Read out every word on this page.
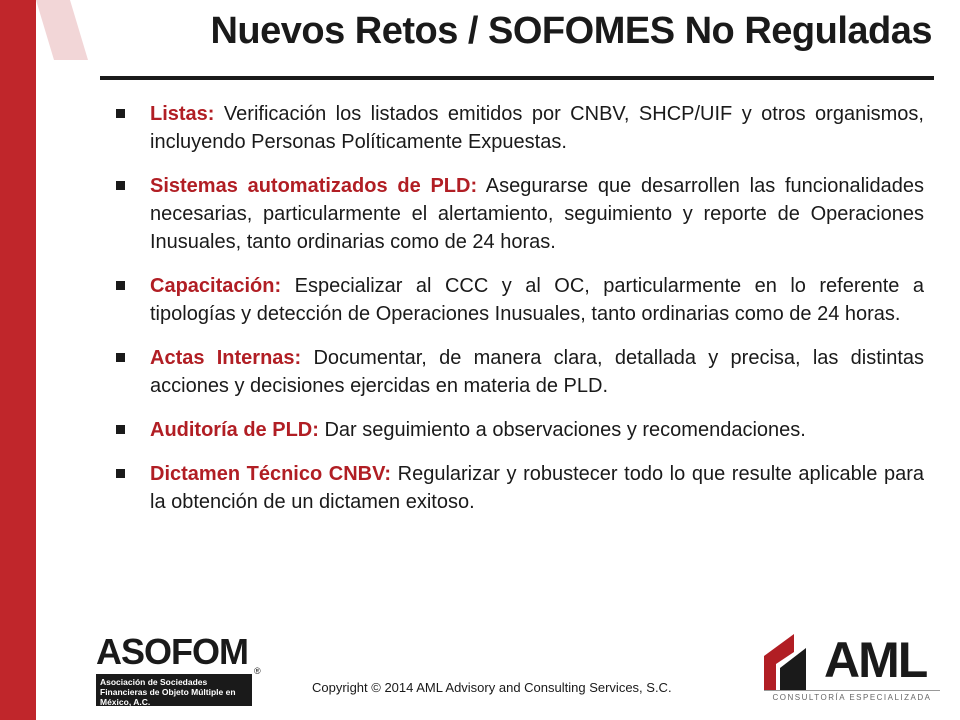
Nuevos Retos / SOFOMES No Reguladas
Listas: Verificación los listados emitidos por CNBV, SHCP/UIF y otros organismos, incluyendo Personas Políticamente Expuestas.
Sistemas automatizados de PLD: Asegurarse que desarrollen las funcionalidades necesarias, particularmente el alertamiento, seguimiento y reporte de Operaciones Inusuales, tanto ordinarias como de 24 horas.
Capacitación: Especializar al CCC y al OC, particularmente en lo referente a tipologías y detección de Operaciones Inusuales, tanto ordinarias como de 24 horas.
Actas Internas: Documentar, de manera clara, detallada y precisa, las distintas acciones y decisiones ejercidas en materia de PLD.
Auditoría de PLD: Dar seguimiento a observaciones y recomendaciones.
Dictamen Técnico CNBV: Regularizar y robustecer todo lo que resulte aplicable para la obtención de un dictamen exitoso.
ASOFOM
Asociación de Sociedades Financieras de Objeto Múltiple en México, A.C.
®
Copyright © 2014 AML Advisory and Consulting Services, S.C.	AML
CONSULTORÍA ESPECIALIZADA
